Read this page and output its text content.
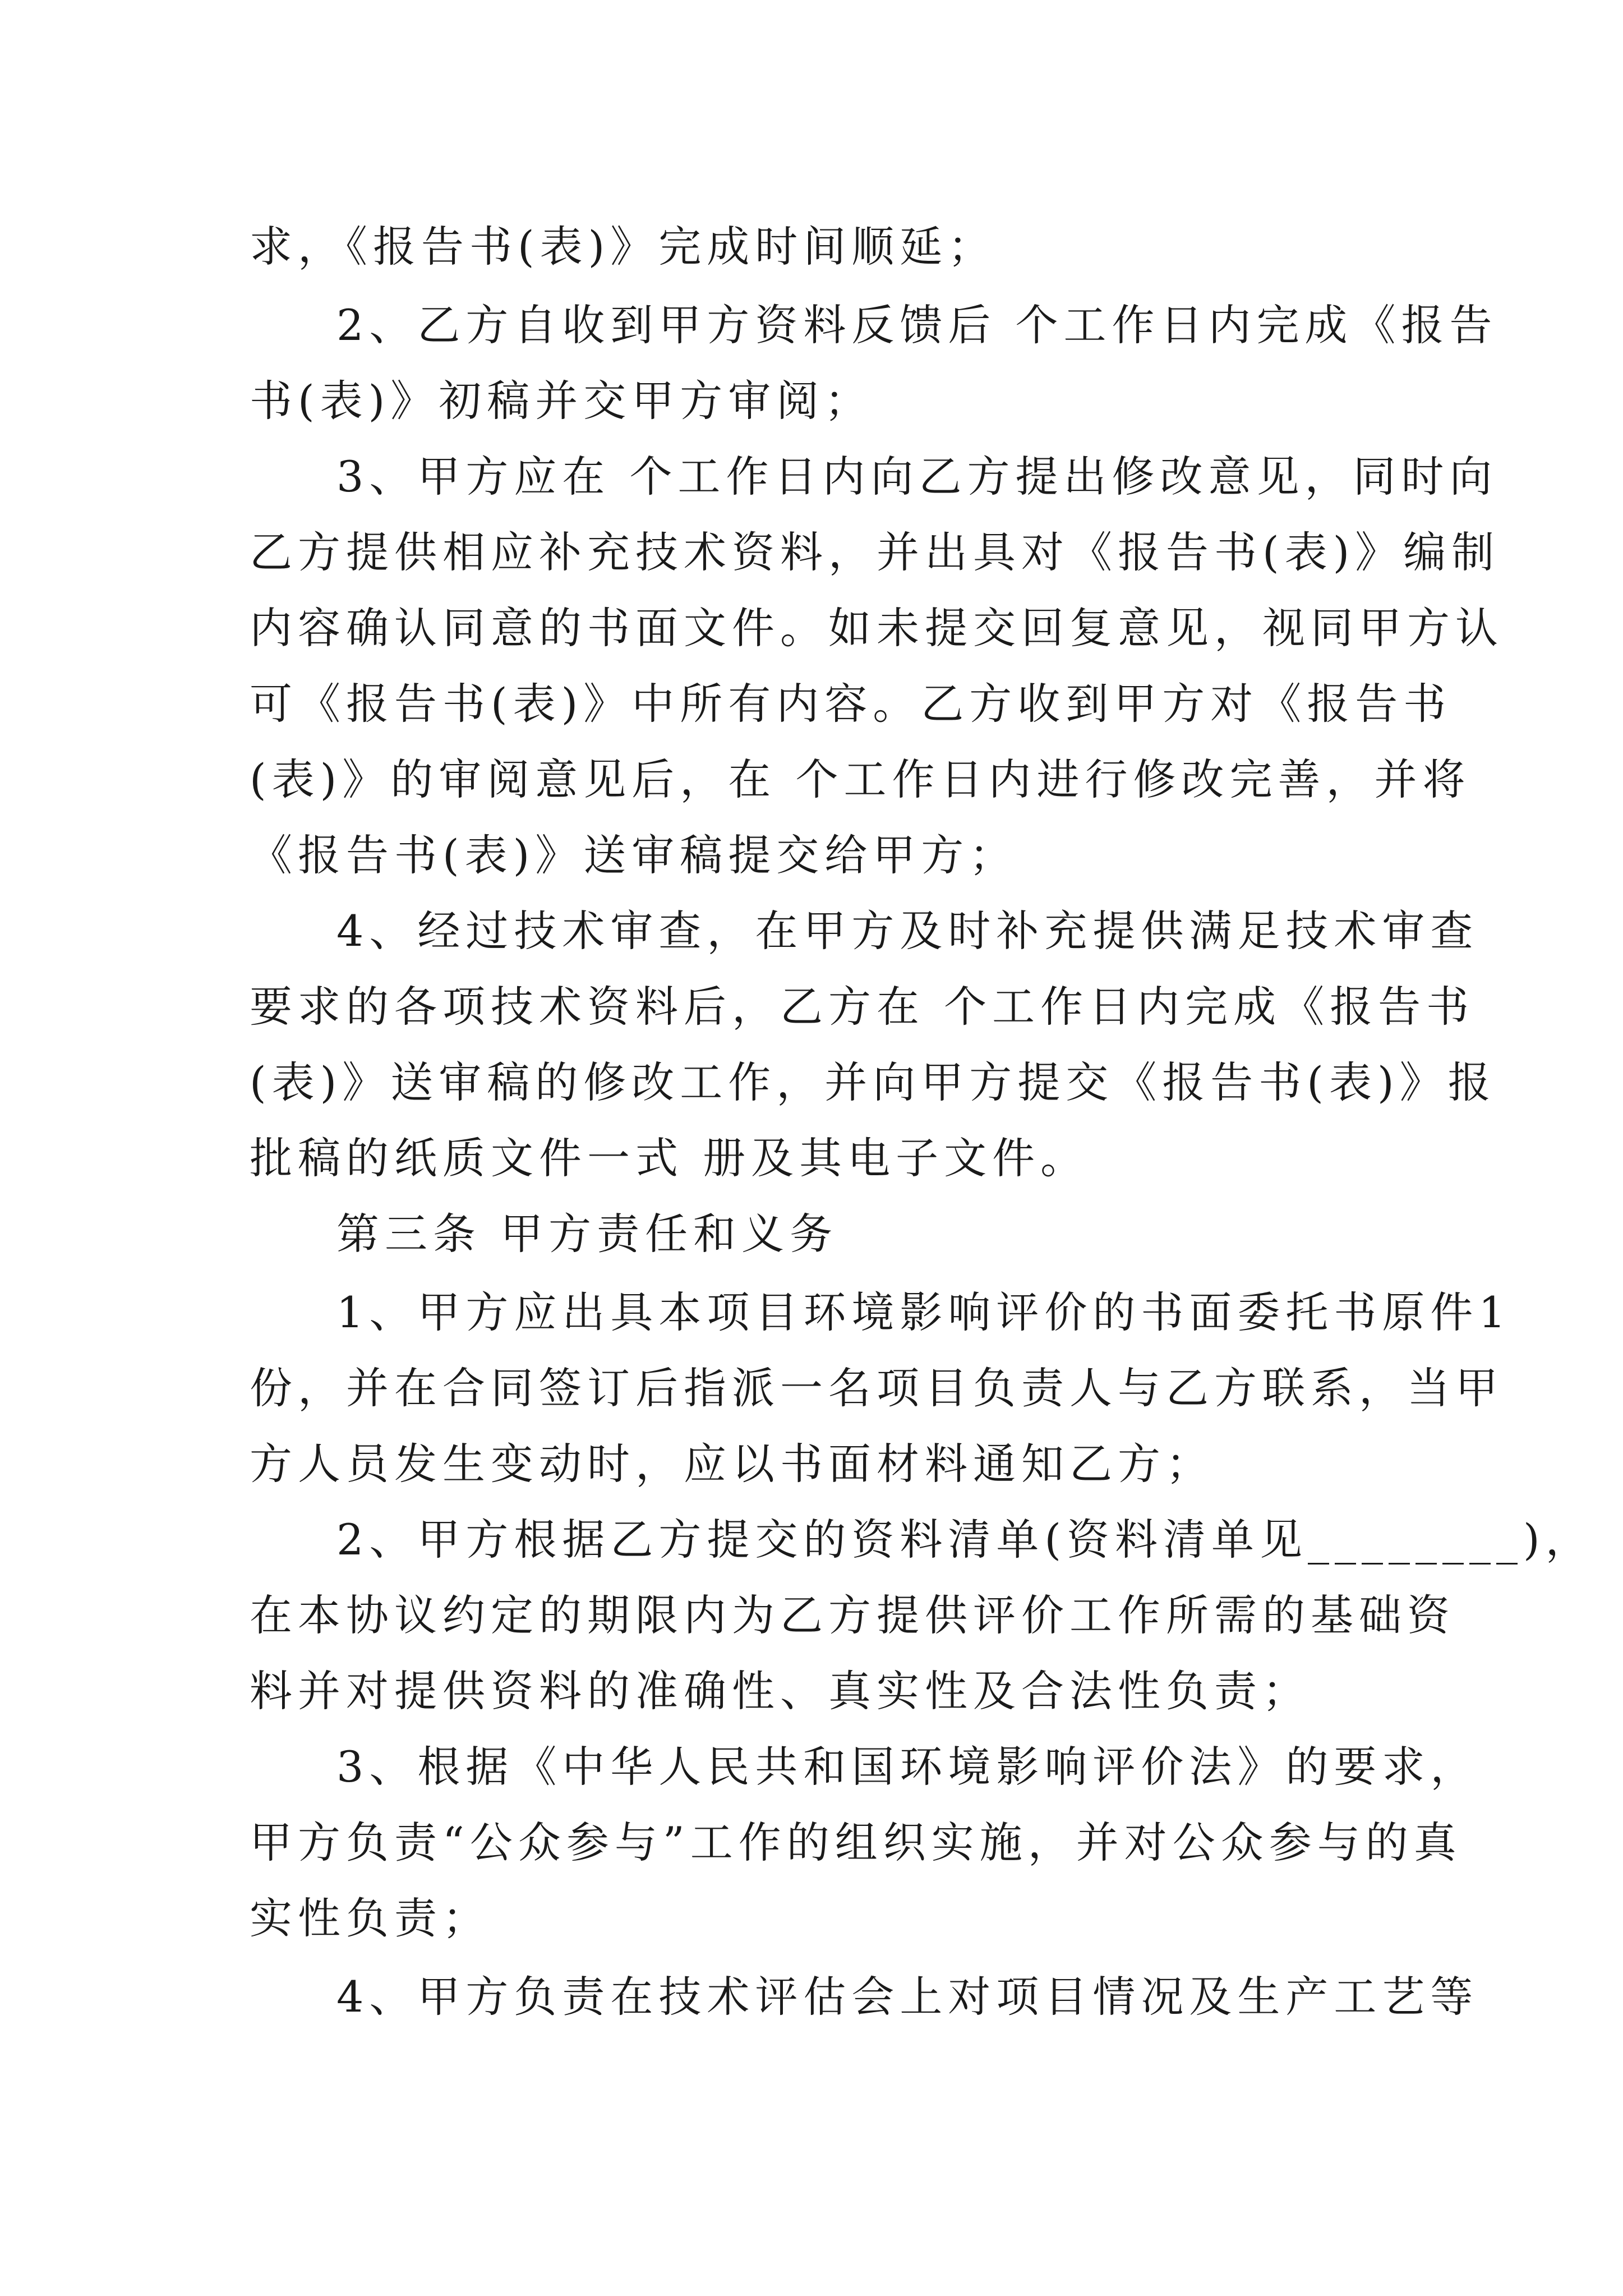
求，《报告书(表)》完成时间顺延；
2、乙方自收到甲方资料反馈后 个工作日内完成《报告
书(表)》初稿并交甲方审阅；
3、甲方应在 个工作日内向乙方提出修改意见，同时向
乙方提供相应补充技术资料，并出具对《报告书(表)》编制
内容确认同意的书面文件。如未提交回复意见，视同甲方认
可《报告书(表)》中所有内容。乙方收到甲方对《报告书
(表)》的审阅意见后，在 个工作日内进行修改完善，并将
《报告书(表)》送审稿提交给甲方；
4、经过技术审查，在甲方及时补充提供满足技术审查
要求的各项技术资料后，乙方在 个工作日内完成《报告书
(表)》送审稿的修改工作，并向甲方提交《报告书(表)》报
批稿的纸质文件一式 册及其电子文件。
第三条 甲方责任和义务
1、甲方应出具本项目环境影响评价的书面委托书原件1
份，并在合同签订后指派一名项目负责人与乙方联系，当甲
方人员发生变动时，应以书面材料通知乙方；
2、甲方根据乙方提交的资料清单(资料清单见________)，
在本协议约定的期限内为乙方提供评价工作所需的基础资
料并对提供资料的准确性、真实性及合法性负责；
3、根据《中华人民共和国环境影响评价法》的要求，
甲方负责“公众参与”工作的组织实施，并对公众参与的真
实性负责；
4、甲方负责在技术评估会上对项目情况及生产工艺等
